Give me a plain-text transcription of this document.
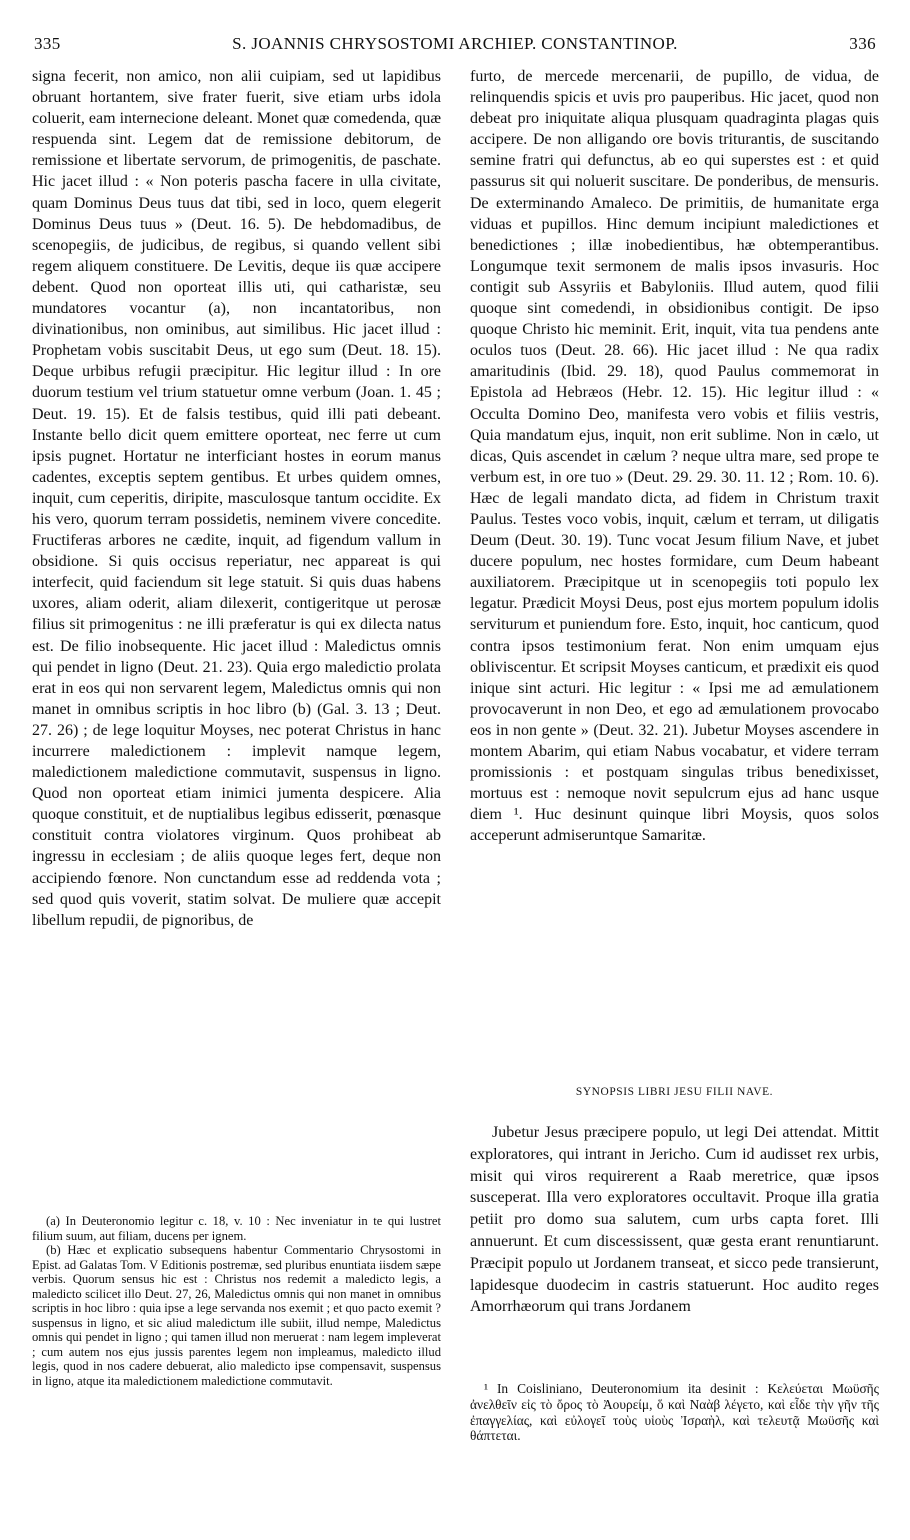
335	S. JOANNIS CHRYSOSTOMI ARCHIEP. CONSTANTINOP.	336

signa fecerit, non amico, non alii cuipiam, sed ut lapidibus obruant hortantem, sive frater fuerit, sive etiam urbs idola coluerit, eam internecione deleant. Monet quæ comedenda, quæ respuenda sint. Legem dat de remissione debitorum, de remissione et libertate servorum, de primogenitis, de paschate. Hic jacet illud : « Non poteris pascha facere in ulla civitate, quam Dominus Deus tuus dat tibi, sed in loco, quem elegerit Dominus Deus tuus » (Deut. 16. 5). De hebdomadibus, de scenopegiis, de judicibus, de regibus, si quando vellent sibi regem aliquem constituere. De Levitis, deque iis quæ accipere debent. Quod non oporteat illis uti, qui catharistæ, seu mundatores vocantur (a), non incantatoribus, non divinationibus, non ominibus, aut similibus. Hic jacet illud : Prophetam vobis suscitabit Deus, ut ego sum (Deut. 18. 15). Deque urbibus refugii præcipitur. Hic legitur illud : In ore duorum testium vel trium statuetur omne verbum (Joan. 1. 45 ; Deut. 19. 15). Et de falsis testibus, quid illi pati debeant. Instante bello dicit quem emittere oporteat, nec ferre ut cum ipsis pugnet. Hortatur ne interficiant hostes in eorum manus cadentes, exceptis septem gentibus. Et urbes quidem omnes, inquit, cum ceperitis, diripite, masculosque tantum occidite. Ex his vero, quorum terram possidetis, neminem vivere concedite. Fructiferas arbores ne cædite, inquit, ad figendum vallum in obsidione. Si quis occisus reperiatur, nec appareat is qui interfecit, quid faciendum sit lege statuit. Si quis duas habens uxores, aliam oderit, aliam dilexerit, contigeritque ut perosæ filius sit primogenitus : ne illi præferatur is qui ex dilecta natus est. De filio inobsequente. Hic jacet illud : Maledictus omnis qui pendet in ligno (Deut. 21. 23). Quia ergo maledictio prolata erat in eos qui non servarent legem, Maledictus omnis qui non manet in omnibus scriptis in hoc libro (b) (Gal. 3. 13 ; Deut. 27. 26) ; de lege loquitur Moyses, nec poterat Christus in hanc incurrere maledictionem : implevit namque legem, maledictionem maledictione commutavit, suspensus in ligno. Quod non oporteat etiam inimici jumenta despicere. Alia quoque constituit, et de nuptialibus legibus edisserit, pœnasque constituit contra violatores virginum. Quos prohibeat ab ingressu in ecclesiam ; de aliis quoque leges fert, deque non accipiendo fœnore. Non cunctandum esse ad reddenda vota ; sed quod quis voverit, statim solvat. De muliere quæ accepit libellum repudii, de pignoribus, de

(a) In Deuteronomio legitur c. 18, v. 10 : Nec inveniatur in te qui lustret filium suum, aut filiam, ducens per ignem.

(b) Hæc et explicatio subsequens habentur Commentario Chrysostomi in Epist. ad Galatas Tom. V Editionis postremæ, sed pluribus enuntiata iisdem sæpe verbis. Quorum sensus hic est : Christus nos redemit a maledicto legis, a maledicto scilicet illo Deut. 27, 26, Maledictus omnis qui non manet in omnibus scriptis in hoc libro : quia ipse a lege servanda nos exemit ; et quo pacto exemit ? suspensus in ligno, et sic aliud maledictum ille subiit, illud nempe, Maledictus omnis qui pendet in ligno ; qui tamen illud non meruerat : nam legem impleverat ; cum autem nos ejus jussis parentes legem non impleamus, maledicto illud legis, quod in nos cadere debuerat, alio maledicto ipse compensavit, suspensus in ligno, atque ita maledictionem maledictione commutavit.

furto, de mercede mercenarii, de pupillo, de vidua, de relinquendis spicis et uvis pro pauperibus. Hic jacet, quod non debeat pro iniquitate aliqua plusquam quadraginta plagas quis accipere. De non alligando ore bovis triturantis, de suscitando semine fratri qui defunctus, ab eo qui superstes est : et quid passurus sit qui noluerit suscitare. De ponderibus, de mensuris. De exterminando Amaleco. De primitiis, de humanitate erga viduas et pupillos. Hinc demum incipiunt maledictiones et benedictiones ; illæ inobedientibus, hæ obtemperantibus. Longumque texit sermonem de malis ipsos invasuris. Hoc contigit sub Assyriis et Babyloniis. Illud autem, quod filii quoque sint comedendi, in obsidionibus contigit. De ipso quoque Christo hic meminit. Erit, inquit, vita tua pendens ante oculos tuos (Deut. 28. 66). Hic jacet illud : Ne qua radix amaritudinis (Ibid. 29. 18), quod Paulus commemorat in Epistola ad Hebræos (Hebr. 12. 15). Hic legitur illud : « Occulta Domino Deo, manifesta vero vobis et filiis vestris, Quia mandatum ejus, inquit, non erit sublime. Non in cælo, ut dicas, Quis ascendet in cælum ? neque ultra mare, sed prope te verbum est, in ore tuo » (Deut. 29. 29. 30. 11. 12 ; Rom. 10. 6). Hæc de legali mandato dicta, ad fidem in Christum traxit Paulus. Testes voco vobis, inquit, cælum et terram, ut diligatis Deum (Deut. 30. 19). Tunc vocat Jesum filium Nave, et jubet ducere populum, nec hostes formidare, cum Deum habeant auxiliatorem. Præcipitque ut in scenopegiis toti populo lex legatur. Prædicit Moysi Deus, post ejus mortem populum idolis serviturum et puniendum fore. Esto, inquit, hoc canticum, quod contra ipsos testimonium ferat. Non enim umquam ejus obliviscentur. Et scripsit Moyses canticum, et prædixit eis quod inique sint acturi. Hic legitur : « Ipsi me ad æmulationem provocaverunt in non Deo, et ego ad æmulationem provocabo eos in non gente » (Deut. 32. 21). Jubetur Moyses ascendere in montem Abarim, qui etiam Nabus vocabatur, et videre terram promissionis : et postquam singulas tribus benedixisset, mortuus est : nemoque novit sepulcrum ejus ad hanc usque diem ¹. Huc desinunt quinque libri Moysis, quos solos acceperunt admiseruntque Samaritæ.

SYNOPSIS LIBRI JESU FILII NAVE.

Jubetur Jesus præcipere populo, ut legi Dei attendat. Mittit exploratores, qui intrant in Jericho. Cum id audisset rex urbis, misit qui viros requirerent a Raab meretrice, quæ ipsos susceperat. Illa vero exploratores occultavit. Proque illa gratia petiit pro domo sua salutem, cum urbs capta foret. Illi annuerunt. Et cum discessissent, quæ gesta erant renuntiarunt. Præcipit populo ut Jordanem transeat, et sicco pede transierunt, lapidesque duodecim in castris statuerunt. Hoc audito reges Amorrhæorum qui trans Jordanem

¹ In Coisliniano, Deuteronomium ita desinit : Κελεύεται Μωϋσῆς ἀνελθεῖν εἰς τὸ ὄρος τὸ Ἀουρείμ, ὅ καὶ Ναὰβ λέγετο, καὶ εἶδε τὴν γῆν τῆς ἐπαγγελίας, καὶ εὐλογεῖ τοὺς υἱοὺς Ἰσραὴλ, καὶ τελευτᾷ Μωϋσῆς καὶ θάπτεται.
